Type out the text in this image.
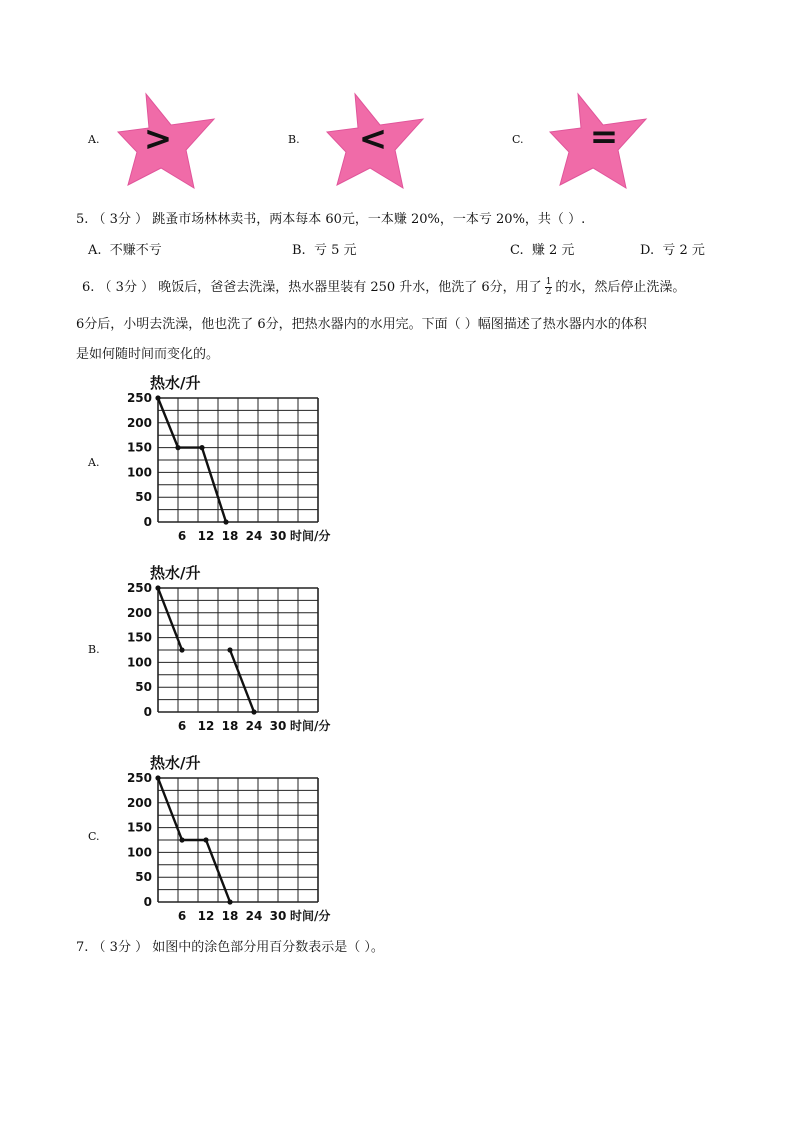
A. >	B. <	C. =
5. （ 3分 ） 跳蚤市场林林卖书，两本每本 60元，一本赚 20%，一本亏 20%，共（ ）.
A. 不赚不亏	B. 亏 5 元	C. 赚 2 元	D. 亏 2 元
6. （ 3分 ） 晚饭后，爸爸去洗澡，热水器里装有 250 升水，他洗了 6分，用了 $\frac{1}{2}$ 的水，然后停止洗澡。
6分后，小明去洗澡，他也洗了 6分，把热水器内的水用完。下面（ ）幅图描述了热水器内水的体积
是如何随时间而变化的。
A.
热水/升
0
50
100
150
200
250
6 12 18 24 30 时间/分
B.
热水/升
0
50
100
150
200
250
6 12 18 24 30 时间/分
C.
热水/升
0
50
100
150
200
250
6 12 18 24 30 时间/分
7. （ 3分 ） 如图中的涂色部分用百分数表示是（ ）。
